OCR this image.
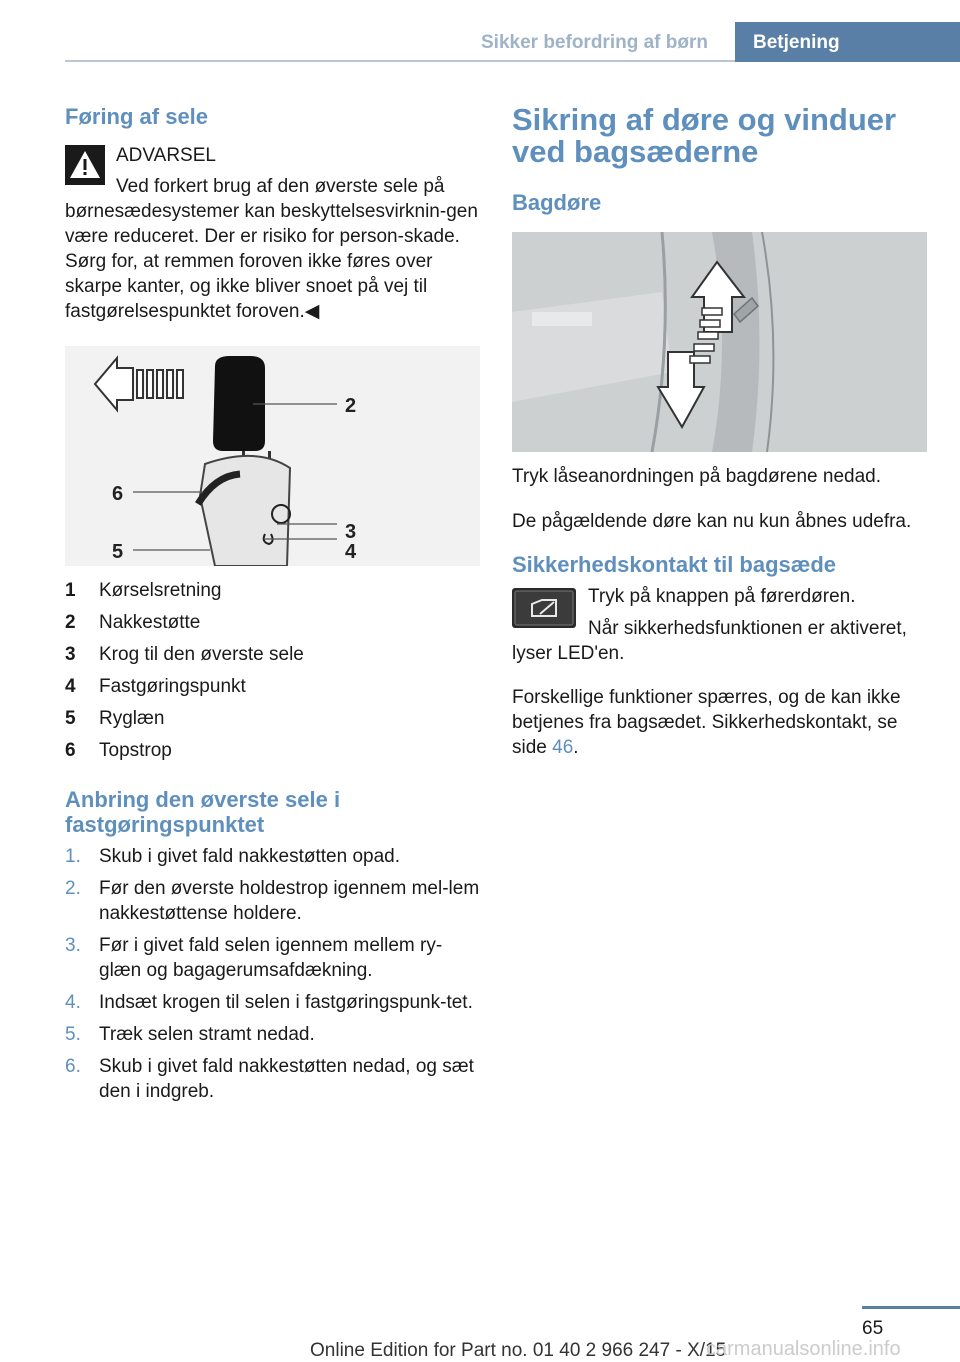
Sikker befordring af børn	Betjening
Føring af sele

ADVARSEL

Ved forkert brug af den øverste sele på

børnesædesystemer kan beskyttelsesvirknin-gen være reduceret. Der er risiko for person-skade. Sørg for, at remmen foroven ikke føres over skarpe kanter, og ikke bliver snoet på vej til fastgørelsespunktet foroven.◀

1
2
3
4
5
6
1 Kørselsretning
2 Nakkestøtte
3 Krog til den øverste sele
4 Fastgøringspunkt
5 Ryglæn
6 Topstrop
Anbring den øverste sele i fastgøringspunktet
1. Skub i givet fald nakkestøtten opad.
2. Før den øverste holdestrop igennem mel-lem nakkestøttense holdere.
3. Før i givet fald selen igennem mellem ry-glæn og bagagerumsafdækning.
4. Indsæt krogen til selen i fastgøringspunk-tet.
5. Træk selen stramt nedad.
6. Skub i givet fald nakkestøtten nedad, og sæt den i indgreb.
Sikring af døre og vinduer ved bagsæderne
Bagdøre

Tryk låseanordningen på bagdørene nedad.

De pågældende døre kan nu kun åbnes udefra.

Sikkerhedskontakt til bagsæde

Tryk på knappen på førerdøren.

Når sikkerhedsfunktionen er aktiveret,

lyser LED'en.

Forskellige funktioner spærres, og de kan ikke betjenes fra bagsædet. Sikkerhedskontakt, se side 46.

65
Online Edition for Part no. 01 40 2 966 247 - X/15
carmanualsonline.info
